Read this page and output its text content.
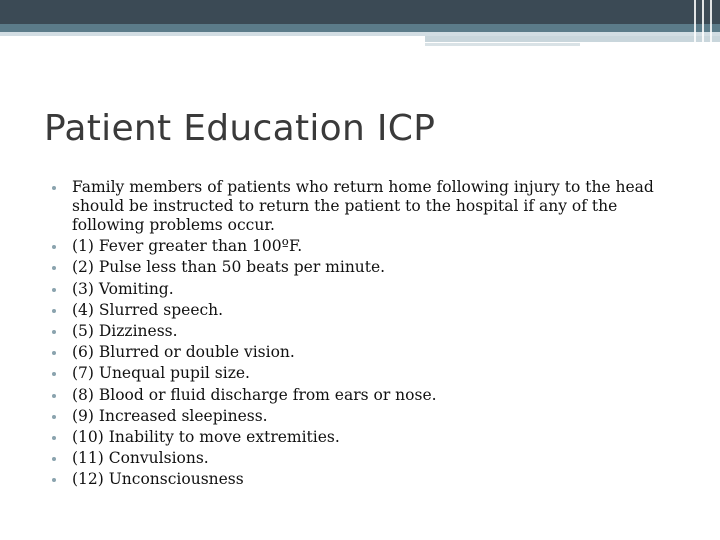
Patient Education ICP
Family members of patients who return home following injury to the head should be instructed to return the patient to the hospital if any of the following problems occur.
(1) Fever greater than 100ºF.
(2) Pulse less than 50 beats per minute.
(3) Vomiting.
(4) Slurred speech.
(5) Dizziness.
(6) Blurred or double vision.
(7) Unequal pupil size.
(8) Blood or fluid discharge from ears or nose.
(9) Increased sleepiness.
(10) Inability to move extremities.
(11) Convulsions.
(12) Unconsciousness
